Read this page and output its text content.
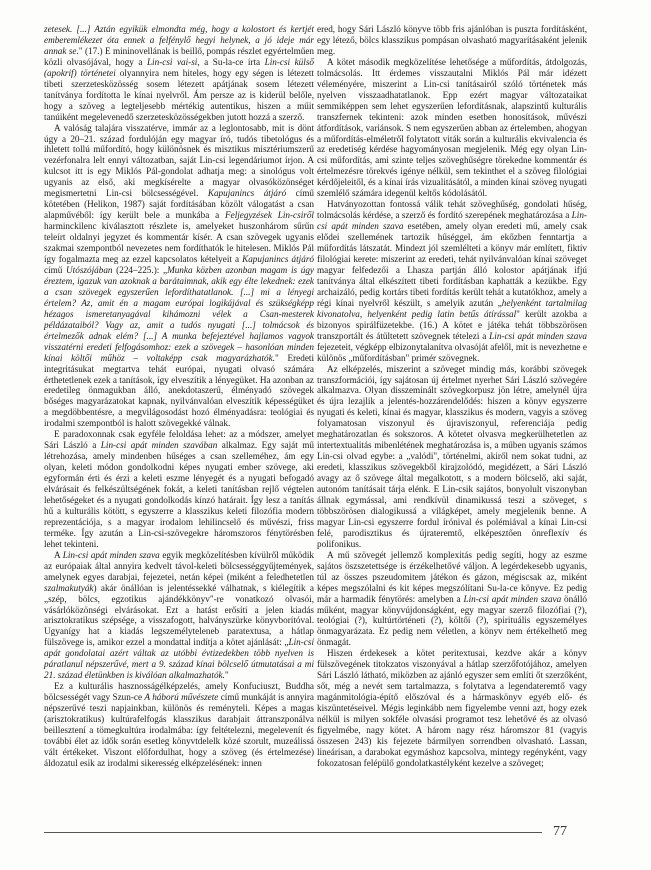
zetesek. [...] Aztán egyikük elmondta még, hogy a kolostort és kertjét emberemlékezet óta ennek a felfénylő hegyi helynek, a jó ideje már annak se." (17.) E mininovellának is beillő, pompás részlet egyértelműen közli olvasójával, hogy a Lin-csi vai-si, a Su-la-ce írta Lin-csi külső (apokrif) történetei olyannyira nem hiteles, hogy egy ségen is létezett tibeti szerzetesközösség sosem létezett apátjának sosem létezett tanítványa fordította le kínai nyelvről. Ám persze az is kiderül belőle, hogy a szöveg a legteljesebb mértékig autentikus, hiszen a műit tanúiként megelevenedő szerzetesközösségekben jutott hozzá a szerző.

A valóság talajára visszatérve, immár az a leglontosabb, mit is dönt úgy a 20–21. század fordulóján egy magyar író, tudós tibetológus és ihletett tollú műfordító, hogy különösnek és misztikus misztériumszerű vezérfonalra lelt ennyi változatban, saját Lin-csi legendáriumot írjon. A kulcsot itt is egy Miklós Pál-gondolat adhatja meg: a sinológus volt ugyanis az első, aki megkísérelte a magyar olvasóközönséget megismertetni Lin-csi bölcsességével. Kapujanincs átjáró című kötetében (Helikon, 1987) saját fordításában közölt válogatást a csan alapművéből: így került bele a munkába a Feljegyzések Lin-csiről harminckilenc kiválasztott részlete is, amelyeket huszonhárom sűrűn teleírt oldalnyi jegyzet és kommentár kísér. A csan szövegek ugyanis szakmai szempontból nevezetes nem fordíthatók le hitelesen. Miklós Pál így fogalmazta meg az ezzel kapcsolatos kételyeit a Kapujanincs átjáró című Utószójában (224–225.): „Munka közben azonban magam is úgy éreztem, igazuk van azoknak a barátaimnak, akik egy élte lekednek: ezek a csan szövegek egyszerűen lefordíthatatlanok. [...] mi a lényegi értelem? Az, amit én a magam európai logikájával és szükségképp hézagos ismeretanyagával kihámozni vélek a Csan-mesterek példázataiból? Vagy az, amit a tudós nyugati [...] tolmácsok és értelmezők adnak elém? [...] A munka befejeztével hajlamos vagyok visszatérni eredeti felfogásomhoz: ezek a szövegek – hasonlóan minden kínai költői műhöz – voltaképp csak magyarázhatók." Eredeti integritásukat megtartva tehát európai, nyugati olvasó számára érthetetlenek ezek a tanítások, így elveszítik a lényegüket. Ha azonban az eredetileg önmagukban álló, anekdotaszerű, élményadó szövegek bőséges magyarázatokat kapnak, nyilvánvalóan elveszítik képességüket a megdöbbentésre, a megvilágosodást hozó élményadásra: teológiai és irodalmi szempontból is halott szövegekké válnak.

E paradoxonnak csak egyféle feloldása lehet: az a módszer, amelyet Sári László a Lin-csi apát minden szavában alkalmaz. Egy saját mű létrehozása, amely mindenben hűséges a csan szelleméhez, ám egy olyan, keleti módon gondolkodni képes nyugati ember szövege, aki egyformán érti és érzi a keleti eszme lényegét és a nyugati befogadó elvárásait és felkészültségének fokát, a keleti tanításban rejlő végtelen lehetőségeket és a nyugati gondolkodás kínzó határait. Így lesz a tanítás hű a kulturális kötött, s egyszerre a klasszikus keleti filozófia modern reprezentációja, s a magyar irodalom lehilincselő és művészi, friss terméke. Így azután a Lin-csi-szövegekre háromszoros fénytörésben lehet tekinteni.

A Lin-csi apát minden szava egyik megközelítésben kívülről működik az európaiak által annyira kedvelt távol-keleti bölcsességgyűjtemények, amelynek egyes darabjai, fejezetei, netán képei (miként a feledhetetlen szalmakutyák) akár önállóan is jelentéssekké válhatnak, s kiélegítik a „szép, bölcs, egzotikus ajándékkönyv"-re vonatkozó olvasói, vásárlóközönségi elvárásokat. Ezt a hatást erősíti a jelen kiadás arisztokratikus szépsége, a visszafogott, halványszürke könyvborítóval. Ugyanígy hat a kiadás legszemélyteleneb paratextusa, a hátlap fülszövege is, amikor ezzel a mondattal indítja a kötet ajánlását: „Lin-csi apát gondolatai azért váltak az utóbbi évtizedekben több nyelven is páratlanul népszerűvé, mert a 9. század kínai bölcselő útmutatásai a mi 21. század életünkben is kiválóan alkalmazhatók."

Ez a kulturális hasznosságélképzelés, amely Konfuciuszt, Buddha bölcsességét vagy Szun-ce A háború művészete című munkáját is annyira népszerűvé teszi napjainkban, különös és reményteli. Képes a magas (arisztokratikus) kultúrafelfogás klasszikus darabjait áttranszponálva beillesztení a tömegkultúra irodalmába: így feltételezni, megelevenít és további élet az idők során esetleg könyvtdelelk közé szorult, muzeálissá vált értékeket. Viszont előfordulhat, hogy a szöveg (és értelmezése) áldozatul esik az irodalmi sikeresség elképzelésének: innen

ered, hogy Sári László könyve több fris ajánlóban is puszta fordításként, egy létező, bölcs klasszikus pompásan olvasható magyarításaként jelenik meg.

A kötet második megközelítése lehetősége a műfordítás, átdolgozás, tolmácsolás. Itt érdemes visszautalni Miklós Pál már idézett véleményére, miszerint a Lin-csi tanításairól szóló történetek más nyelven visszaadhatatlanok. Epp ezért magyar változataikat semmiképpen sem lehet egyszerűen lefordításnak, alapszintű kulturális transzfernek tekinteni: azok minden esetben honosítások, művészi átfordítások, variánsok. S nem egyszerűen abban az értelemben, ahogyan a műfordítás-elméletről folytatott viták során a kulturális ekvivalencia és az eredetiség kérdése hagyományosan megjelenik. Még egy olyan Lin-csi műfordítás, ami szinte teljes szöveghűségre törekedne kommentár és értelmezésre törekvés igénye nélkül, sem tekinthet el a szöveg filológiai kérdőjeleitől, és a kínai írás vizualitásától, a minden kínai szöveg nyugati szemlélő számára idegenül keltős kódolásától.

Hatványozottan fontossá válik tehát szöveghűség, gondolati hűség, tolmácsolás kérdése, a szerző és fordító szerepének meghatározása a Lin-csi apát minden szava esetében, amely olyan eredeti mű, amely csak elődei szellemének tartozik hűséggel, ám ekőzben fenntartja a műfordítás látszatát. Mindezt jól szemlélteti a könyv már említett, fiktív filológiai kerete: miszerint az eredeti, tehát nyilvánvalóan kínai szöveget magyar felfedezői a Lhasza partján álló kolostor apátjának ifjú tanítványa által elkészített tibeti fordításban kaphatták a kezükbe. Egy archaizáló, pedig kortárs tibeti fordítás került tehát a kutatókhoz, amely a régi kínai nyelvről készült, s amelyik azután „helyenként tartalmilag kivonatolva, helyenként pedig latin betűs átírással" került azokba a bizonyos spirálfüzetekbe. (16.) A kötet e játéka tehát többszörösen transzportált és átültetett szövegnek tételezi a Lin-csi apát minden szava fejezeteit, végképp elbizonytalanítva olvasóját afelől, mit is nevezhetne e különös „műfordításban" primér szövegnek.

Az elképzelés, miszerint a szöveget mindig más, korábbi szövegek transzformációi, így sajátosan új értelmet nyerhet Sári László szövegére alkalmazva. Olyan disszeminált szövegkorpusz jön létre, amelynél újra és újra lezajlik a jelentés-hozzárendelődés: hiszen a könyv egyszerre nyugati és keleti, kínai és magyar, klasszikus és modern, vagyis a szöveg folyamatosan viszonyul és újraviszonyul, referenciája pedig meghatározatlan és sokszoros. A kötetet olvasva megkerülhetetlen az intertextualitás mibenlétének meghatározása is, a műben ugyanis számos Lin-csi olvad egybe: a „valódi", történelmi, akiről nem sokat tudni, az eredeti, klasszikus szövegekből kirajzolódó, megidézett, a Sári László avagy az ő szövege által megalkotott, s a modern bölcselő, aki saját, autonóm tanításait tárja elénk. E Lin-csik sajátos, bonyolult viszonyban állnak egymással, ami rendkívül dinamikussá teszi a szöveget, s többszörösen dialogikussá a világképet, amely megjelenik benne. A magyar Lin-csi egyszerre fordul írónival és polémiával a kínai Lin-csi felé, parodisztikus és újrateremtő, elképesztően önreflexív és polifonikus.

A mű szövegét jellemző komplexitás pedig segíti, hogy az eszme sajátos öszszetettsége is érzékelhetővé váljon. A legérdekesebb ugyanis, túl az összes pszeudomitem játékon és gázon, mégiscsak az, miként képes megszólalni és kit képes megszólítani Su-la-ce könyve. Ez pedig már a harmadik fénytörés: amelyben a Lin-csi apát minden szava önálló műként, magyar könyvújdonságként, egy magyar szerző filozófiai (?), teológiai (?), kultúrtörténeti (?), költői (?), spirituális egyszemélyes önmagyarázata. Ez pedig nem véletlen, a könyv nem értékelhető meg önmagát.

Hiszen érdekesek a kötet peritextusai, kezdve akár a könyv fülszövegének titokzatos viszonyával a hátlap szerzőfotójához, amelyen Sári László látható, miközben az ajánló egyszer sem említi őt szerzőként, sőt, még a nevét sem tartalmazza, s folytatva a legendateremtő vagy magánmitológia-építő előszóval és a hármaskönyv egyéb elő- és kiszüntetéseivel. Mégis leginkább nem figyelembe venni azt, hogy ezek nélkül is milyen sokféle olvasási programot tesz lehetővé és az olvasó figyelmébe, nagy kötet. A három nagy rész háromszor 81 (vagyis összesen 243) kis fejezete bármilyen sorrendben olvasható. Lassan, lineárisan, a darabokat egymáshoz kapcsolva, mintegy regényként, vagy fokozatosan felépülő gondolatkastélyként kezelve a szöveget;

77
